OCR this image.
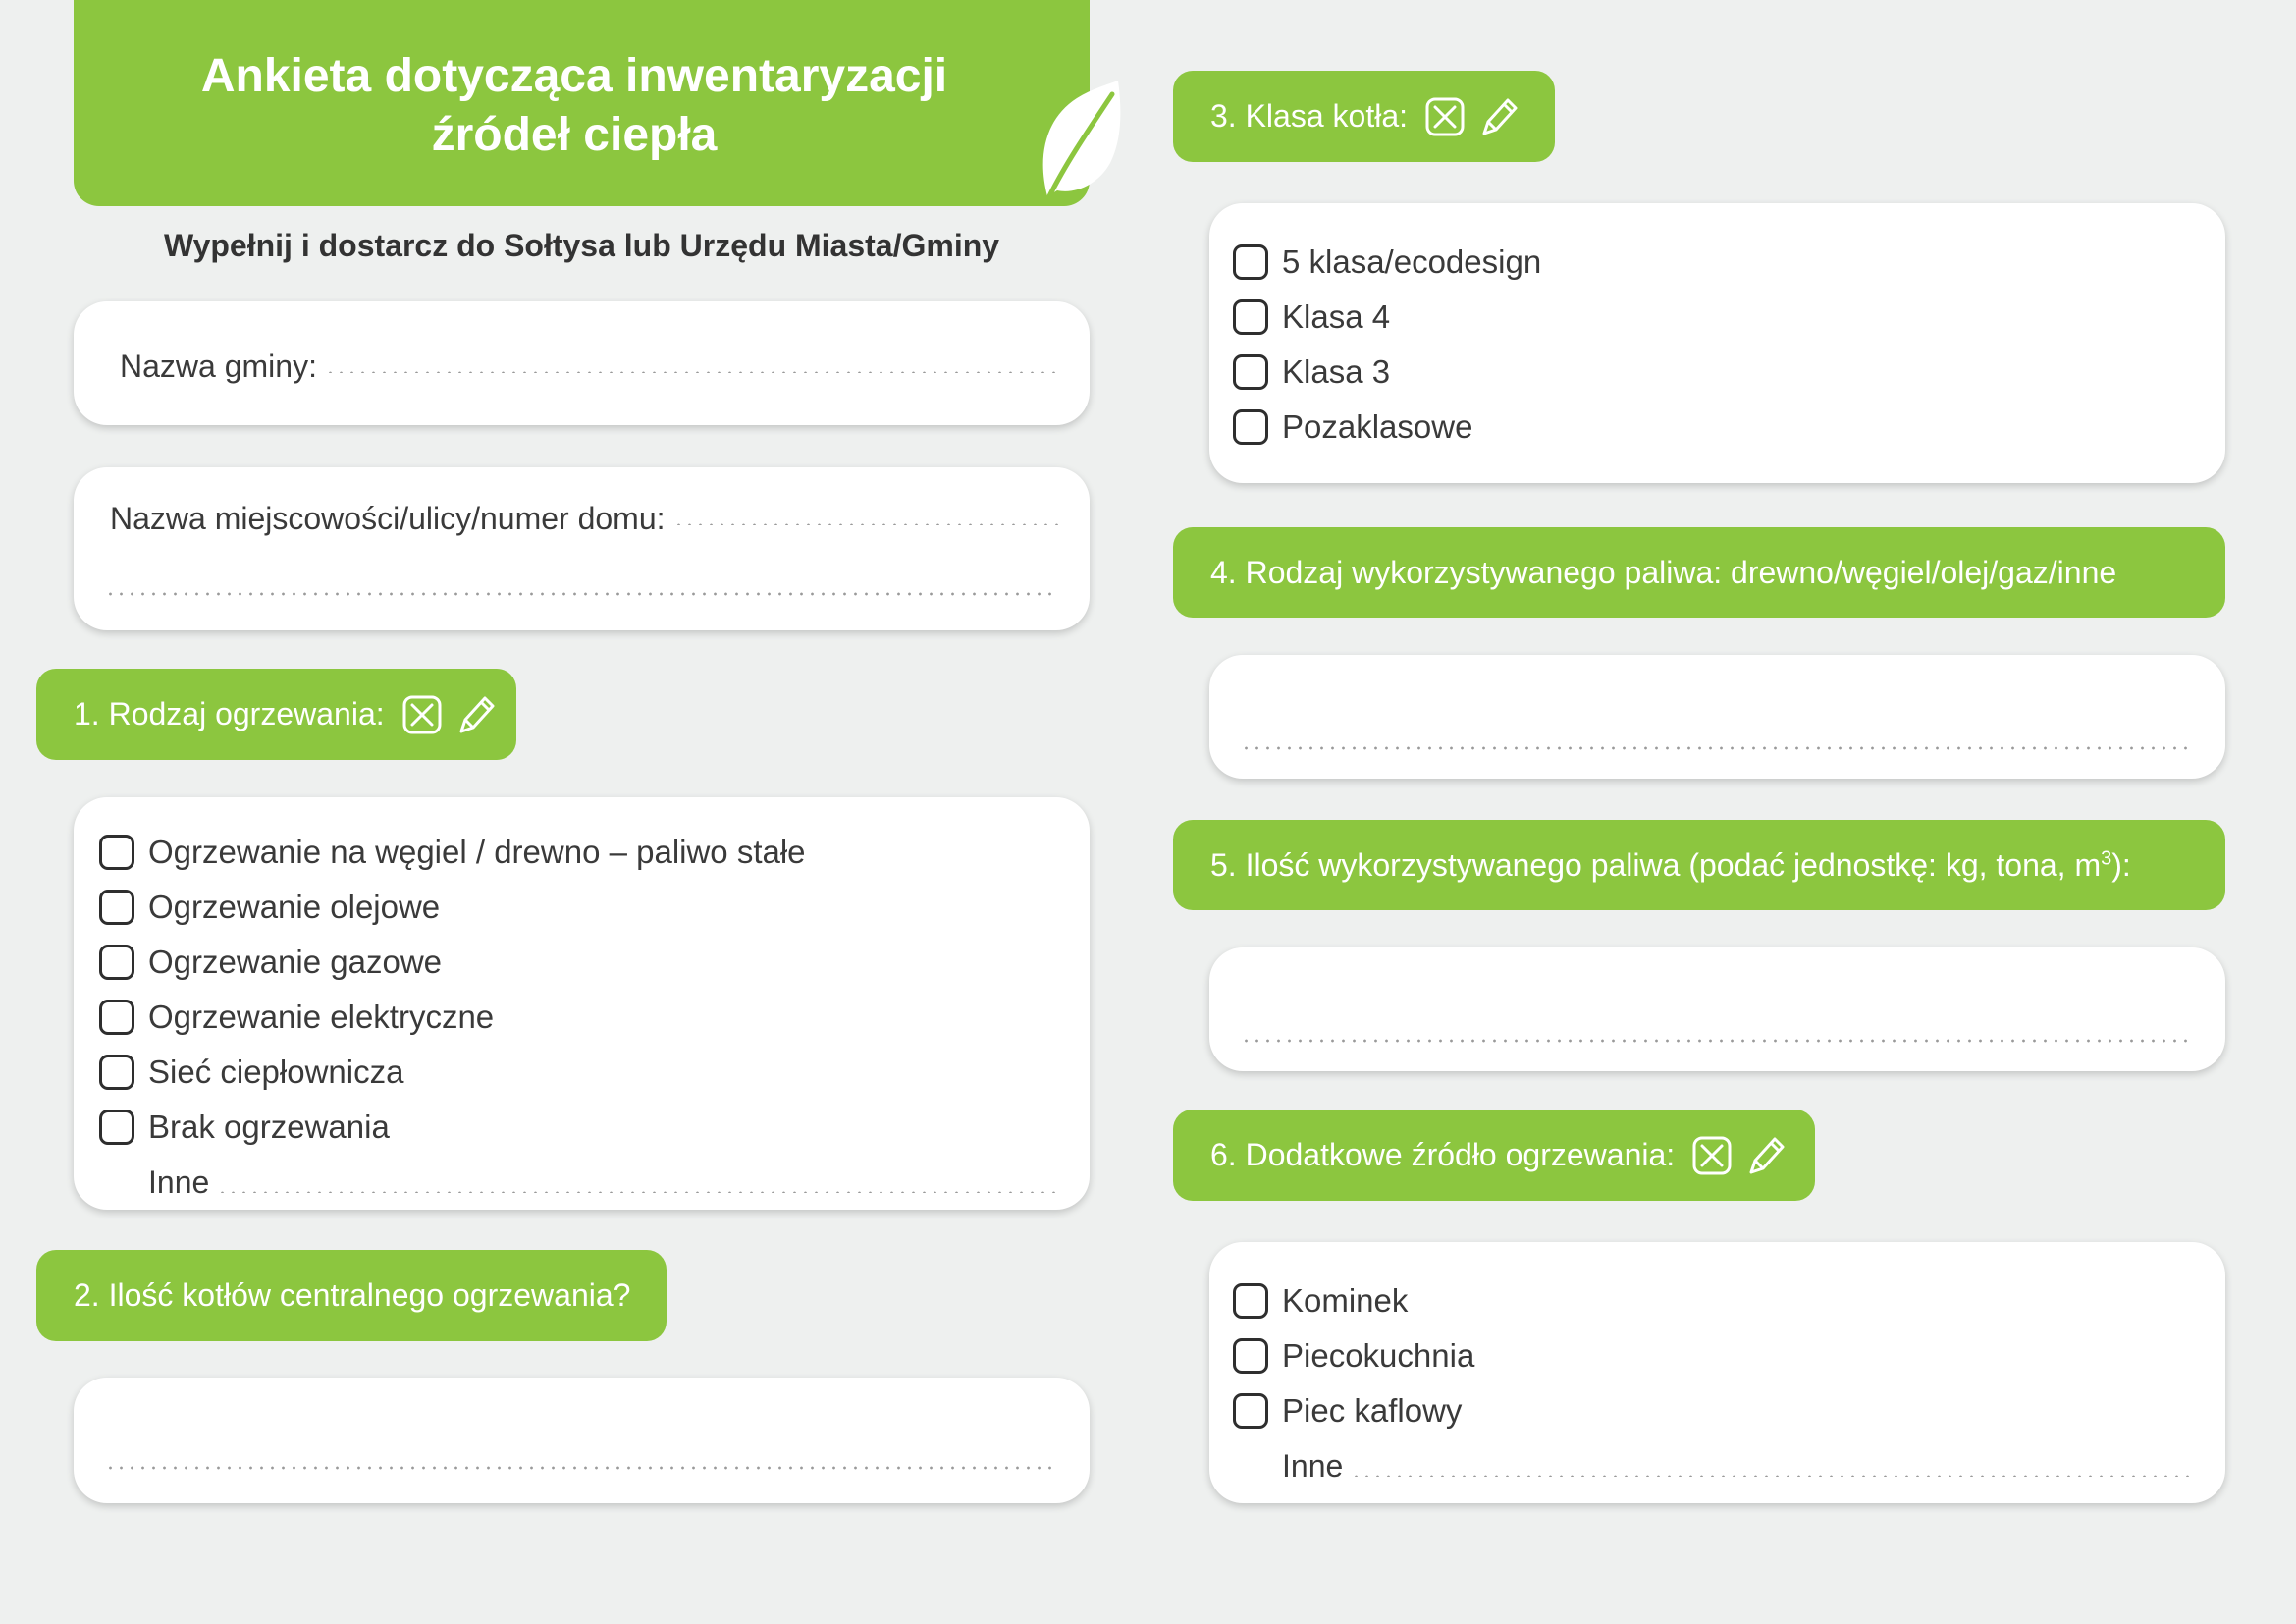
Ankieta dotycząca inwentaryzacji
źródeł ciepła
Wypełnij i dostarcz do Sołtysa lub Urzędu Miasta/Gminy
Nazwa gminy:
Nazwa miejscowości/ulicy/numer domu:
1. Rodzaj ogrzewania:
Ogrzewanie na węgiel / drewno – paliwo stałe
Ogrzewanie olejowe
Ogrzewanie gazowe
Ogrzewanie elektryczne
Sieć ciepłownicza
Brak ogrzewania
Inne
2. Ilość kotłów centralnego ogrzewania?
3. Klasa kotła:
5 klasa/ecodesign
Klasa 4
Klasa 3
Pozaklasowe
4. Rodzaj wykorzystywanego paliwa: drewno/węgiel/olej/gaz/inne
5. Ilość wykorzystywanego paliwa (podać jednostkę: kg, tona, $m^3$):
6. Dodatkowe źródło ogrzewania:
Kominek
Piecokuchnia
Piec kaflowy
Inne
